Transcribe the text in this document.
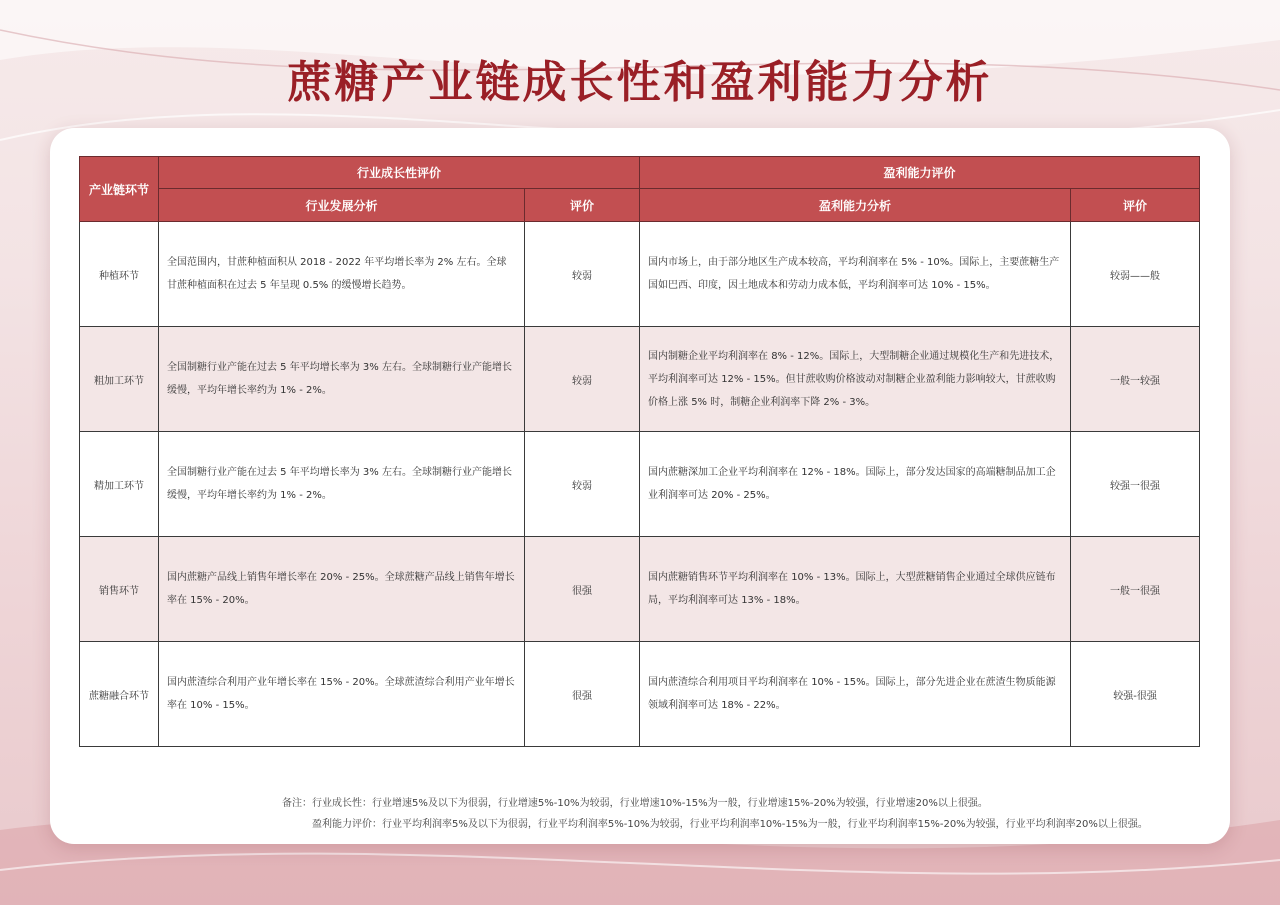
蔗糖产业链成长性和盈利能力分析
产业链环节	行业成长性评价		盈利能力评价	
	行业发展分析	评价	盈利能力分析	评价
种植环节	全国范围内，甘蔗种植面积从 2018 - 2022 年平均增长率为 2% 左右。全球甘蔗种植面积在过去 5 年呈现 0.5% 的缓慢增长趋势。	较弱	国内市场上，由于部分地区生产成本较高，平均利润率在 5% - 10%。国际上，主要蔗糖生产国如巴西、印度，因土地成本和劳动力成本低，平均利润率可达 10% - 15%。	较弱——般
粗加工环节	全国制糖行业产能在过去 5 年平均增长率为 3% 左右。全球制糖行业产能增长缓慢，平均年增长率约为 1% - 2%。	较弱	国内制糖企业平均利润率在 8% - 12%。国际上，大型制糖企业通过规模化生产和先进技术，平均利润率可达 12% - 15%。但甘蔗收购价格波动对制糖企业盈利能力影响较大，甘蔗收购价格上涨 5% 时，制糖企业利润率下降 2% - 3%。	一般一较强
精加工环节	全国制糖行业产能在过去 5 年平均增长率为 3% 左右。全球制糖行业产能增长缓慢，平均年增长率约为 1% - 2%。	较弱	国内蔗糖深加工企业平均利润率在 12% - 18%。国际上，部分发达国家的高端糖制品加工企业利润率可达 20% - 25%。	较强一很强
销售环节	国内蔗糖产品线上销售年增长率在 20% - 25%。全球蔗糖产品线上销售年增长率在 15% - 20%。	很强	国内蔗糖销售环节平均利润率在 10% - 13%。国际上，大型蔗糖销售企业通过全球供应链布局，平均利润率可达 13% - 18%。	一般一很强
蔗糖融合环节	国内蔗渣综合利用产业年增长率在 15% - 20%。全球蔗渣综合利用产业年增长率在 10% - 15%。	很强	国内蔗渣综合利用项目平均利润率在 10% - 15%。国际上，部分先进企业在蔗渣生物质能源领域利润率可达 18% - 22%。	较强-很强
备注：行业成长性：行业增速5%及以下为很弱，行业增速5%-10%为较弱，行业增速10%-15%为一般，行业增速15%-20%为较强，行业增速20%以上很强。
盈利能力评价：行业平均利润率5%及以下为很弱，行业平均利润率5%-10%为较弱，行业平均利润率10%-15%为一般，行业平均利润率15%-20%为较强，行业平均利润率20%以上很强。
